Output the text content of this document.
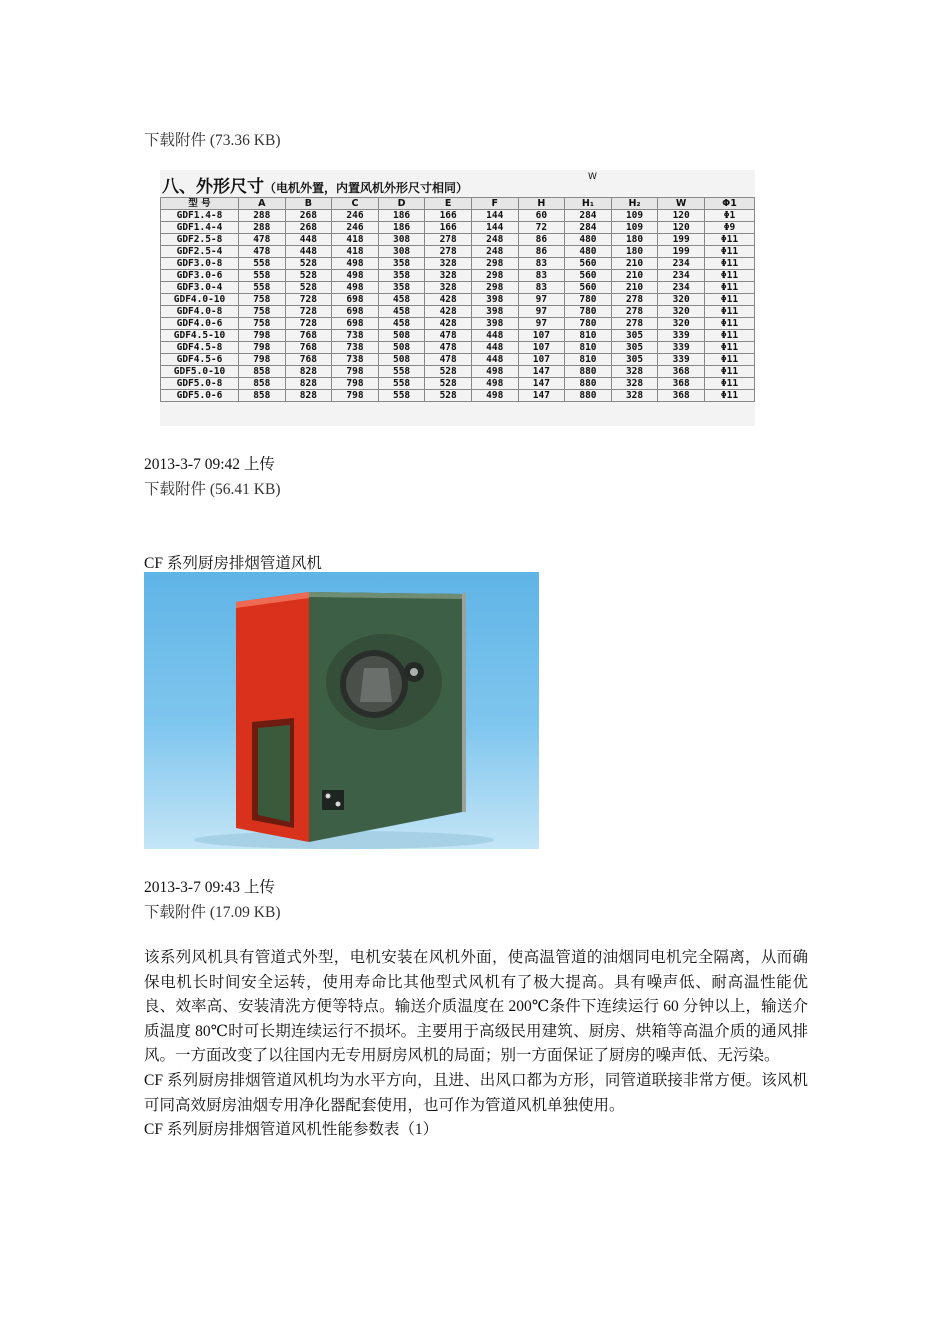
下载附件 (73.36 KB)
八、外形尺寸（电机外置，内置风机外形尺寸相同）
W
型 号	A	B	C	D	E	F	H	H₁	H₂	W	Φ1
GDF1.4-8	288	268	246	186	166	144	60	284	109	120	Φ1
GDF1.4-4	288	268	246	186	166	144	72	284	109	120	Φ9
GDF2.5-8	478	448	418	308	278	248	86	480	180	199	Φ11
GDF2.5-4	478	448	418	308	278	248	86	480	180	199	Φ11
GDF3.0-8	558	528	498	358	328	298	83	560	210	234	Φ11
GDF3.0-6	558	528	498	358	328	298	83	560	210	234	Φ11
GDF3.0-4	558	528	498	358	328	298	83	560	210	234	Φ11
GDF4.0-10	758	728	698	458	428	398	97	780	278	320	Φ11
GDF4.0-8	758	728	698	458	428	398	97	780	278	320	Φ11
GDF4.0-6	758	728	698	458	428	398	97	780	278	320	Φ11
GDF4.5-10	798	768	738	508	478	448	107	810	305	339	Φ11
GDF4.5-8	798	768	738	508	478	448	107	810	305	339	Φ11
GDF4.5-6	798	768	738	508	478	448	107	810	305	339	Φ11
GDF5.0-10	858	828	798	558	528	498	147	880	328	368	Φ11
GDF5.0-8	858	828	798	558	528	498	147	880	328	368	Φ11
GDF5.0-6	858	828	798	558	528	498	147	880	328	368	Φ11
2013-3-7 09:42 上传
下载附件 (56.41 KB)
CF 系列厨房排烟管道风机
2013-3-7 09:43 上传
下载附件 (17.09 KB)

该系列风机具有管道式外型，电机安装在风机外面，使高温管道的油烟同电机完全隔离，从而确保电机长时间安全运转，使用寿命比其他型式风机有了极大提高。具有噪声低、耐高温性能优良、效率高、安装清洗方便等特点。输送介质温度在 200℃条件下连续运行 60 分钟以上，输送介质温度 80℃时可长期连续运行不损坏。主要用于高级民用建筑、厨房、烘箱等高温介质的通风排风。一方面改变了以往国内无专用厨房风机的局面；别一方面保证了厨房的噪声低、无污染。

CF 系列厨房排烟管道风机均为水平方向，且进、出风口都为方形，同管道联接非常方便。该风机可同高效厨房油烟专用净化器配套使用，也可作为管道风机单独使用。

CF 系列厨房排烟管道风机性能参数表（1）
